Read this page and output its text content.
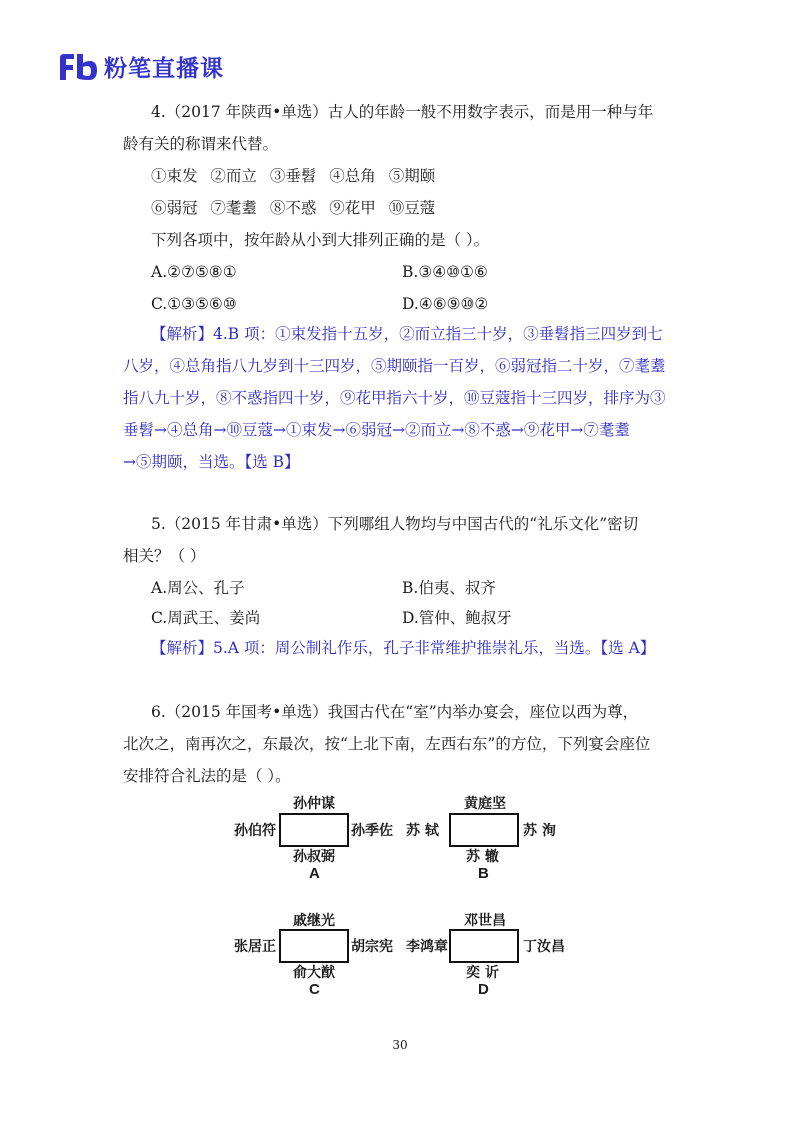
粉笔直播课
4.（2017 年陕西•单选）古人的年龄一般不用数字表示，而是用一种与年
龄有关的称谓来代替。
①束发 ②而立 ③垂髫 ④总角 ⑤期颐
⑥弱冠 ⑦耄耋 ⑧不惑 ⑨花甲 ⑩豆蔻
下列各项中，按年龄从小到大排列正确的是（ ）。
A.②⑦⑤⑧①	B.③④⑩①⑥
C.①③⑤⑥⑩	D.④⑥⑨⑩②
【解析】4.B 项：①束发指十五岁，②而立指三十岁，③垂髫指三四岁到七
八岁，④总角指八九岁到十三四岁，⑤期颐指一百岁，⑥弱冠指二十岁，⑦耄耋
指八九十岁，⑧不惑指四十岁，⑨花甲指六十岁，⑩豆蔻指十三四岁，排序为③
垂髫→④总角→⑩豆蔻→①束发→⑥弱冠→②而立→⑧不惑→⑨花甲→⑦耄耋
→⑤期颐，当选。【选 B】
5.（2015 年甘肃•单选）下列哪组人物均与中国古代的“礼乐文化”密切
相关？（ ）
A.周公、孔子	B.伯夷、叔齐
C.周武王、姜尚	D.管仲、鲍叔牙
【解析】5.A 项：周公制礼作乐，孔子非常维护推崇礼乐，当选。【选 A】
6.（2015 年国考•单选）我国古代在“室”内举办宴会，座位以西为尊，
北次之，南再次之，东最次，按“上北下南，左西右东”的方位，下列宴会座位
安排符合礼法的是（ ）。
孙仲谋
孙伯符	孙季佐
孙叔弼
A
黄庭坚
苏 轼	苏 洵
苏 辙
B
戚继光
张居正	胡宗宪
俞大猷
C
邓世昌
李鸿章	丁汝昌
奕 䜣
D
30
